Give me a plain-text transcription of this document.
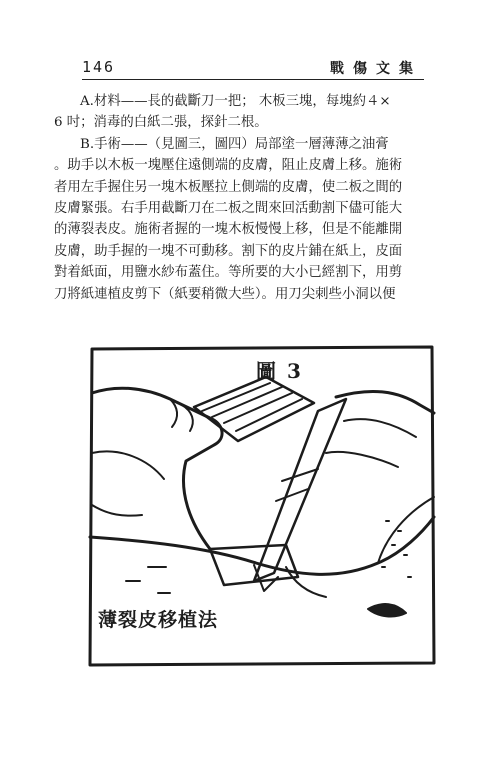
146	戰傷文集
A.材料——長的截斷刀一把； 木板三塊，每塊約４×
6 吋；消毒的白紙二張，探針二根。
B.手術——（見圖三，圖四）局部塗一層薄薄之油膏
。助手以木板一塊壓住遠側端的皮膚，阻止皮膚上移。施術
者用左手握住另一塊木板壓拉上側端的皮膚，使二板之間的
皮膚緊張。右手用截斷刀在二板之間來回活動割下儘可能大
的薄裂表皮。施術者握的一塊木板慢慢上移，但是不能離開
皮膚，助手握的一塊不可動移。割下的皮片鋪在紙上，皮面
對着紙面，用鹽水紗布蓋住。等所要的大小已經割下，用剪
刀將紙連植皮剪下（紙要稍微大些）。用刀尖刺些小洞以便
圖 3
薄裂皮移植法
